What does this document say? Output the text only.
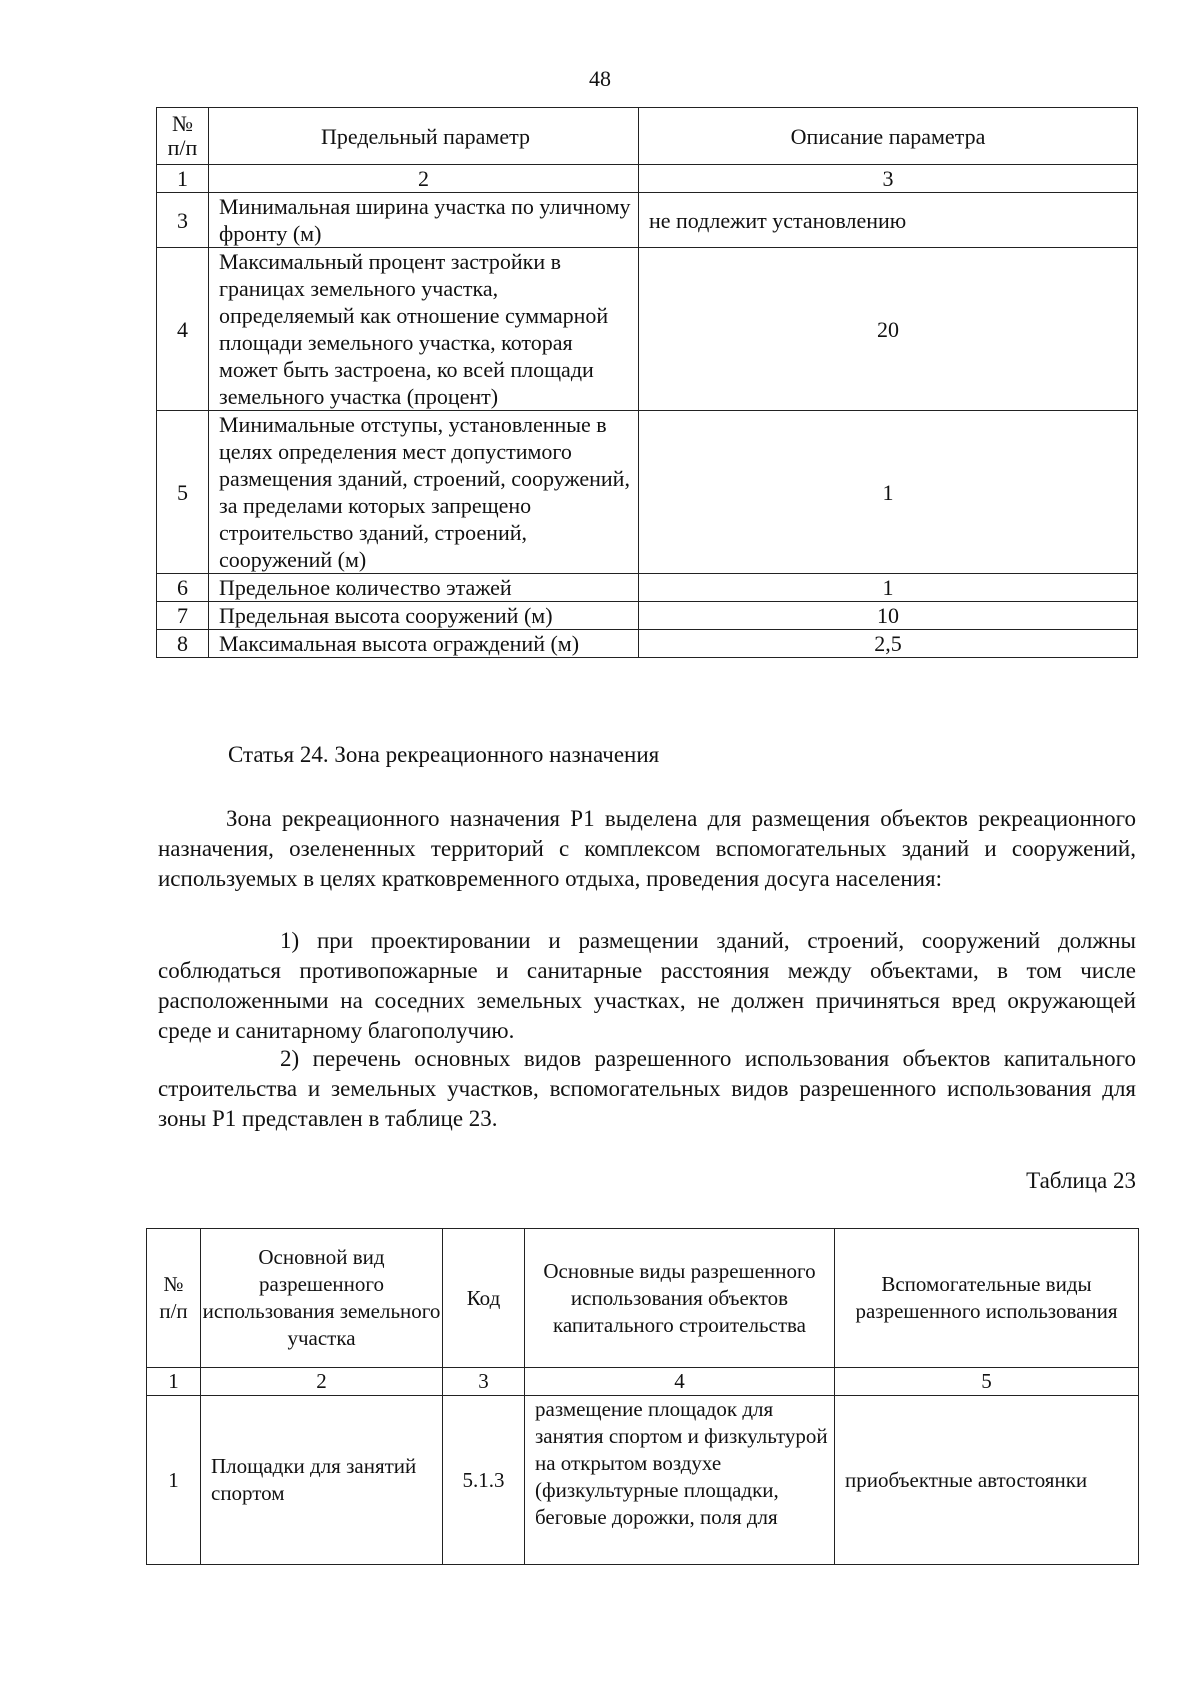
48
№
п/п	Предельный параметр	Описание параметра
1	2	3
3	Минимальная ширина участка по уличному фронту (м)	не подлежит установлению
4	Максимальный процент застройки в границах земельного участка, определяемый как отношение суммарной площади земельного участка, которая может быть застроена, ко всей площади земельного участка (процент)	20
5	Минимальные отступы, установленные в целях определения мест допустимого размещения зданий, строений, сооружений, за пределами которых запрещено строительство зданий, строений, сооружений (м)	1
6	Предельное количество этажей	1
7	Предельная высота сооружений (м)	10
8	Максимальная высота ограждений (м)	2,5
Статья 24. Зона рекреационного назначения
Зона рекреационного назначения Р1 выделена для размещения объектов рекреационного назначения, озелененных территорий с комплексом вспомогательных зданий и сооружений, используемых в целях кратковременного отдыха, проведения досуга населения:
1) при проектировании и размещении зданий, строений, сооружений должны соблюдаться противопожарные и санитарные расстояния между объектами, в том числе расположенными на соседних земельных участках, не должен причиняться вред окружающей среде и санитарному благополучию.
2) перечень основных видов разрешенного использования объектов капитального строительства и земельных участков, вспомогательных видов разрешенного использования для зоны Р1 представлен в таблице 23.
Таблица 23
№
п/п	Основной вид разрешенного использования земельного участка	Код	Основные виды разрешенного использования объектов капитального строительства	Вспомогательные виды разрешенного использования
1	2	3	4	5
1	Площадки для занятий спортом	5.1.3	размещение площадок для занятия спортом и физкультурой на открытом воздухе (физкультурные площадки, беговые дорожки, поля для	приобъектные автостоянки
